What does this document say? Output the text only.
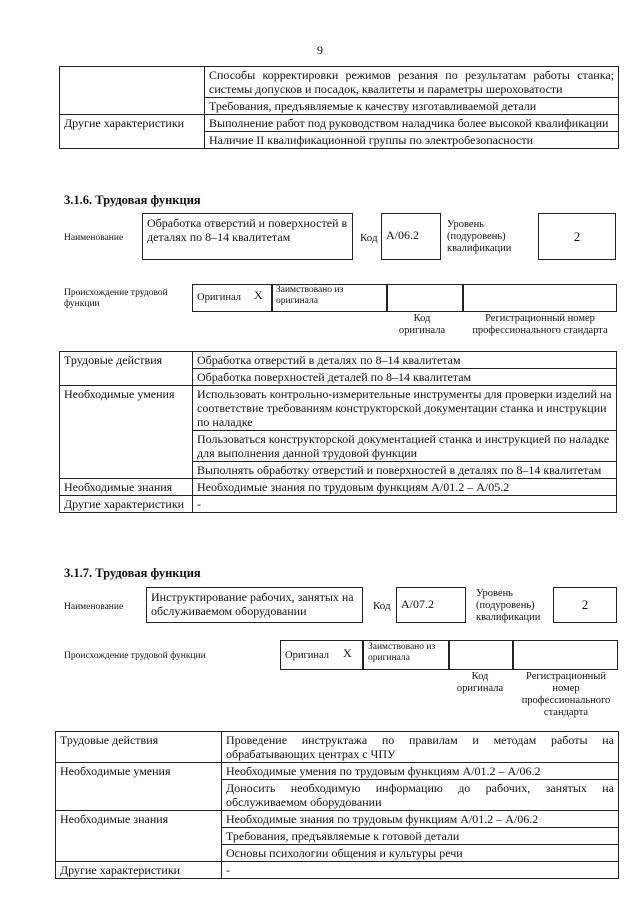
9
	Способы корректировки режимов резания по результатам работы станка; системы допусков и посадок, квалитеты и параметры шероховатости
	Требования, предъявляемые к качеству изготавливаемой детали
Другие характеристики	Выполнение работ под руководством наладчика более высокой квалификации
	Наличие II квалификационной группы по электробезопасности
3.1.6. Трудовая функция
Наименование
Обработка отверстий и поверхностей в деталях по 8–14 квалитетам	Код A/06.2
Уровень (подуровень) квалификации
2
Происхождение трудовой функции
Оригинал X Заимствовано из оригинала
Код оригинала
Регистрационный номер профессионального стандарта
Трудовые действия	Обработка отверстий в деталях по 8–14 квалитетам
	Обработка поверхностей деталей по 8–14 квалитетам
Необходимые умения	Использовать контрольно-измерительные инструменты для проверки изделий на соответствие требованиям конструкторской документации станка и инструкции по наладке
	Пользоваться конструкторской документацией станка и инструкцией по наладке для выполнения данной трудовой функции
	Выполнять обработку отверстий и поверхностей в деталях по 8–14 квалитетам
Необходимые знания	Необходимые знания по трудовым функциям А/01.2 – А/05.2
Другие характеристики	-
3.1.7. Трудовая функция
Наименование
Инструктирование рабочих, занятых на обслуживаемом оборудовании	Код A/07.2
Уровень (подуровень) квалификации
2
Происхождение трудовой функции	Оригинал X Заимствовано из оригинала
Код оригинала
Регистрационный номер профессионального стандарта
Трудовые действия	Проведение инструктажа по правилам и методам работы на обрабатывающих центрах с ЧПУ
Необходимые умения	Необходимые умения по трудовым функциям А/01.2 – А/06.2
	Доносить необходимую информацию до рабочих, занятых на обслуживаемом оборудовании
Необходимые знания	Необходимые знания по трудовым функциям А/01.2 – А/06.2
	Требования, предъявляемые к готовой детали
	Основы психологии общения и культуры речи
Другие характеристики	-
